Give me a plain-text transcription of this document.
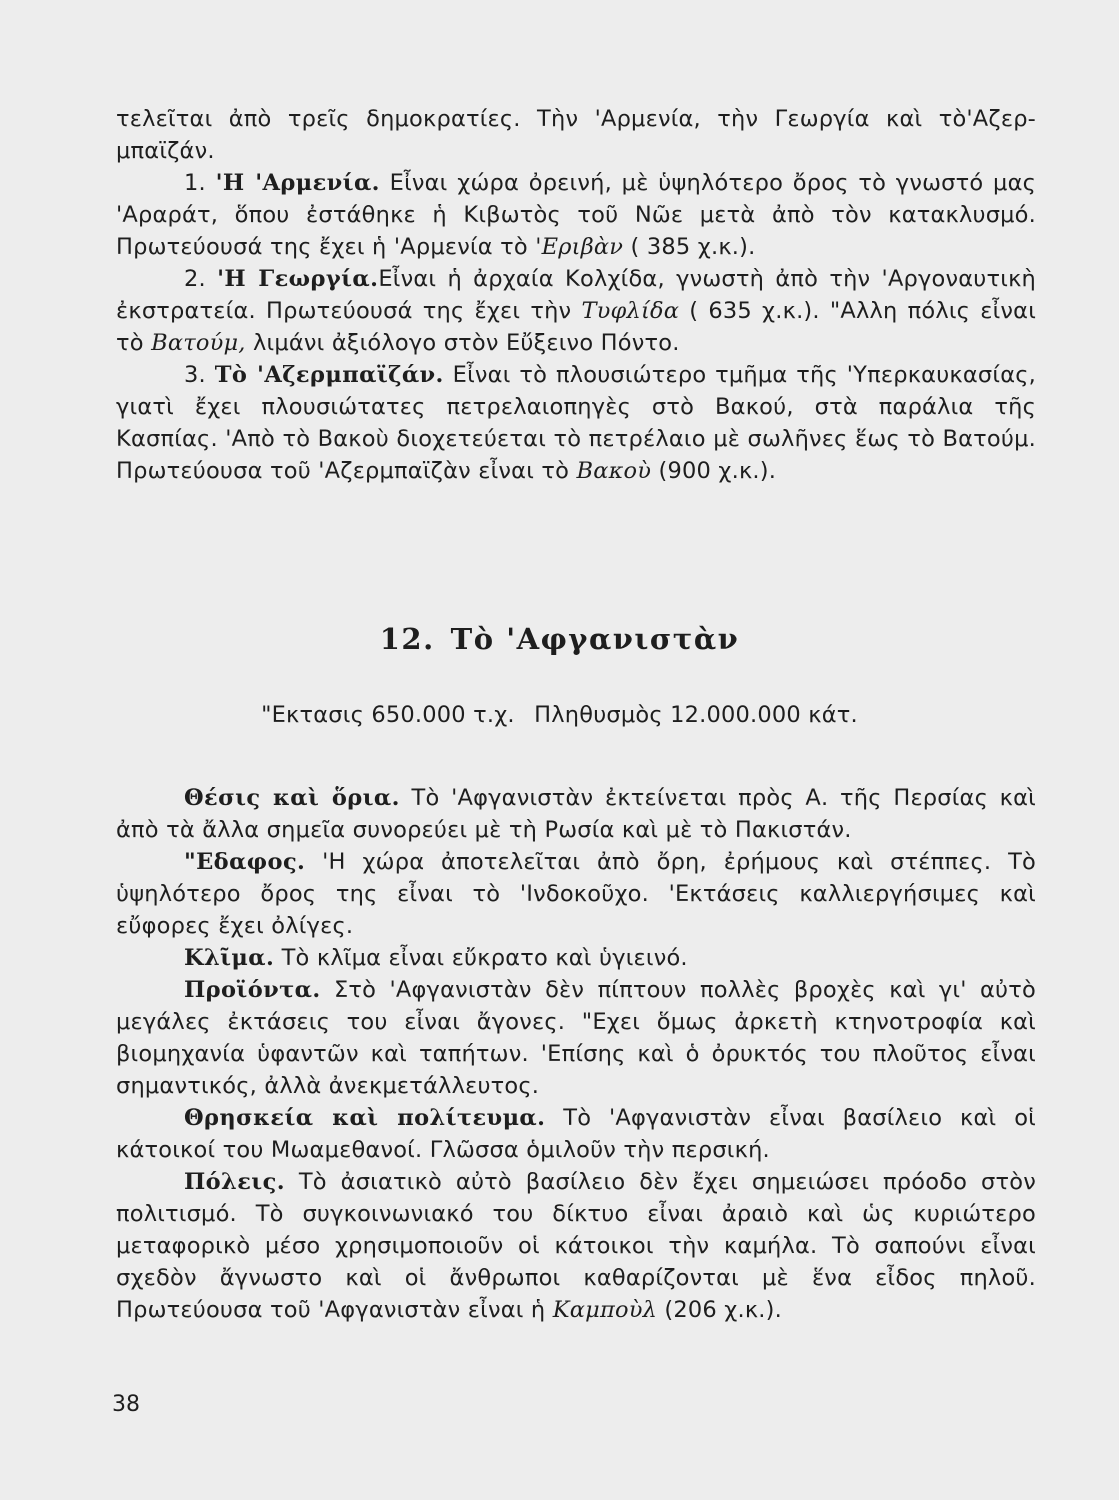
τελεῖται ἀπὸ τρεῖς δημοκρατίες. Τὴν 'Αρμενία, τὴν Γεωργία καὶ τὸ'Αζερ-μπαϊζάν.

1. 'Η 'Αρμενία. Εἶναι χώρα ὀρεινή, μὲ ὑψηλότερο ὄρος τὸ γνωστό μας 'Αραράτ, ὅπου ἐστάθηκε ἡ Κιβωτὸς τοῦ Νῶε μετὰ ἀπὸ τὸν κατακλυσμό. Πρωτεύουσά της ἔχει ἡ 'Αρμενία τὸ 'Εριβὰν ( 385 χ.κ.).

2. 'Η Γεωργία.Εἶναι ἡ ἀρχαία Κολχίδα, γνωστὴ ἀπὸ τὴν 'Αργοναυτικὴ ἐκστρατεία. Πρωτεύουσά της ἔχει τὴν Τυφλίδα ( 635 χ.κ.). "Αλλη πόλις εἶναι τὸ Βατούμ, λιμάνι ἀξιόλογο στὸν Εὔξεινο Πόντο.

3. Τὸ 'Αζερμπαϊζάν. Εἶναι τὸ πλουσιώτερο τμῆμα τῆς 'Υπερκαυκασίας, γιατὶ ἔχει πλουσιώτατες πετρελαιοπηγὲς στὸ Βακού, στὰ παράλια τῆς Κασπίας. 'Απὸ τὸ Βακοὺ διοχετεύεται τὸ πετρέλαιο μὲ σωλῆνες ἕως τὸ Βατούμ. Πρωτεύουσα τοῦ 'Αζερμπαϊζὰν εἶναι τὸ Βακοὺ (900 χ.κ.).

12. Τὸ 'Αφγανιστὰν
"Εκτασις 650.000 τ.χ. Πληθυσμὸς 12.000.000 κάτ.

Θέσις καὶ ὅρια. Τὸ 'Αφγανιστὰν ἐκτείνεται πρὸς Α. τῆς Περσίας καὶ ἀπὸ τὰ ἄλλα σημεῖα συνορεύει μὲ τὴ Ρωσία καὶ μὲ τὸ Πακιστάν.

"Εδαφος. 'Η χώρα ἀποτελεῖται ἀπὸ ὄρη, ἐρήμους καὶ στέππες. Τὸ ὑψηλότερο ὄρος της εἶναι τὸ 'Ινδοκοῦχο. 'Εκτάσεις καλλιεργήσιμες καὶ εὔφορες ἔχει ὀλίγες.

Κλῖμα. Τὸ κλῖμα εἶναι εὔκρατο καὶ ὑγιεινό.

Προϊόντα. Στὸ 'Αφγανιστὰν δὲν πίπτουν πολλὲς βροχὲς καὶ γι' αὐτὸ μεγάλες ἐκτάσεις του εἶναι ἄγονες. "Εχει ὅμως ἀρκετὴ κτηνοτροφία καὶ βιομηχανία ὑφαντῶν καὶ ταπήτων. 'Επίσης καὶ ὁ ὀρυκτός του πλοῦτος εἶναι σημαντικός, ἀλλὰ ἀνεκμετάλλευτος.

Θρησκεία καὶ πολίτευμα. Τὸ 'Αφγανιστὰν εἶναι βασίλειο καὶ οἱ κάτοικοί του Μωαμεθανοί. Γλῶσσα ὁμιλοῦν τὴν περσική.

Πόλεις. Τὸ ἀσιατικὸ αὐτὸ βασίλειο δὲν ἔχει σημειώσει πρόοδο στὸν πολιτισμό. Τὸ συγκοινωνιακό του δίκτυο εἶναι ἀραιὸ καὶ ὡς κυριώτερο μεταφορικὸ μέσο χρησιμοποιοῦν οἱ κάτοικοι τὴν καμήλα. Τὸ σαπούνι εἶναι σχεδὸν ἄγνωστο καὶ οἱ ἄνθρωποι καθαρίζονται μὲ ἕνα εἶδος πηλοῦ. Πρωτεύουσα τοῦ 'Αφγανιστὰν εἶναι ἡ Καμποὺλ (206 χ.κ.).

38
